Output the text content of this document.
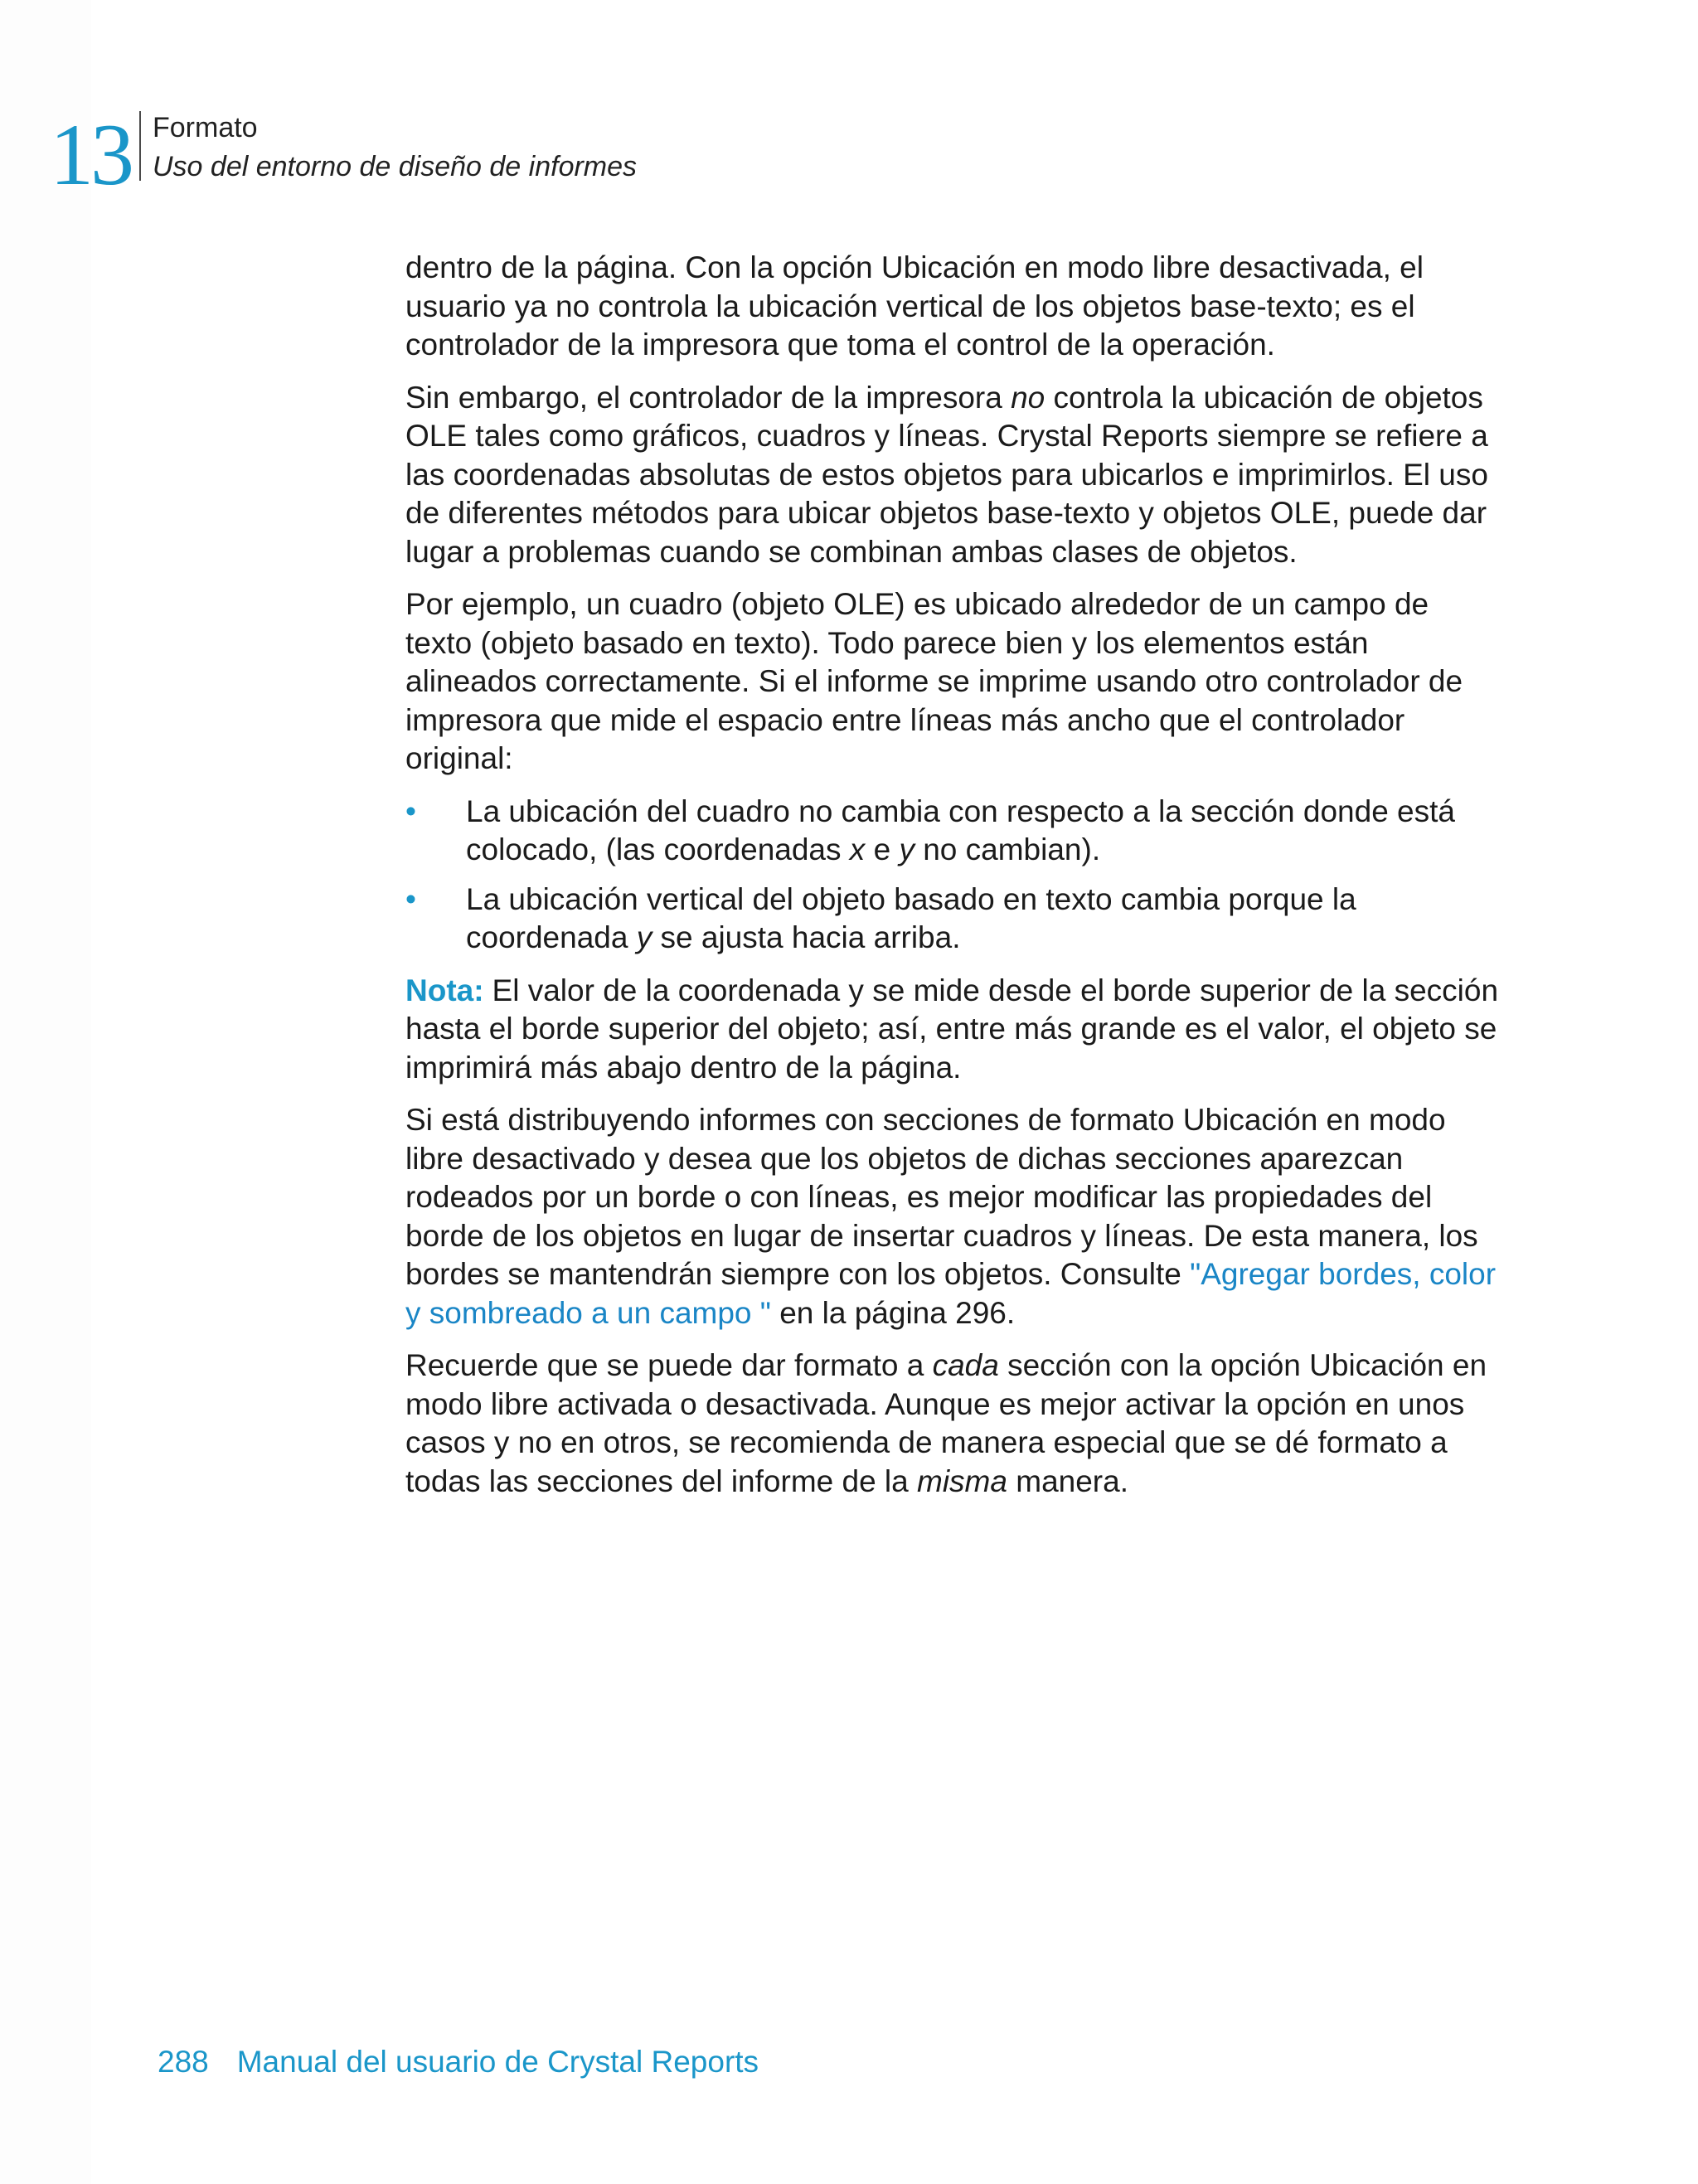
13 Formato
Uso del entorno de diseño de informes

dentro de la página. Con la opción Ubicación en modo libre desactivada, el usuario ya no controla la ubicación vertical de los objetos base-texto; es el controlador de la impresora que toma el control de la operación.

Sin embargo, el controlador de la impresora no controla la ubicación de objetos OLE tales como gráficos, cuadros y líneas. Crystal Reports siempre se refiere a las coordenadas absolutas de estos objetos para ubicarlos e imprimirlos. El uso de diferentes métodos para ubicar objetos base-texto y objetos OLE, puede dar lugar a problemas cuando se combinan ambas clases de objetos.

Por ejemplo, un cuadro (objeto OLE) es ubicado alrededor de un campo de texto (objeto basado en texto). Todo parece bien y los elementos están alineados correctamente. Si el informe se imprime usando otro controlador de impresora que mide el espacio entre líneas más ancho que el controlador original:

• La ubicación del cuadro no cambia con respecto a la sección donde está colocado, (las coordenadas x e y no cambian).
• La ubicación vertical del objeto basado en texto cambia porque la coordenada y se ajusta hacia arriba.

Nota: El valor de la coordenada y se mide desde el borde superior de la sección hasta el borde superior del objeto; así, entre más grande es el valor, el objeto se imprimirá más abajo dentro de la página.

Si está distribuyendo informes con secciones de formato Ubicación en modo libre desactivado y desea que los objetos de dichas secciones aparezcan rodeados por un borde o con líneas, es mejor modificar las propiedades del borde de los objetos en lugar de insertar cuadros y líneas. De esta manera, los bordes se mantendrán siempre con los objetos. Consulte "Agregar bordes, color y sombreado a un campo " en la página 296.

Recuerde que se puede dar formato a cada sección con la opción Ubicación en modo libre activada o desactivada. Aunque es mejor activar la opción en unos casos y no en otros, se recomienda de manera especial que se dé formato a todas las secciones del informe de la misma manera.

288 Manual del usuario de Crystal Reports
